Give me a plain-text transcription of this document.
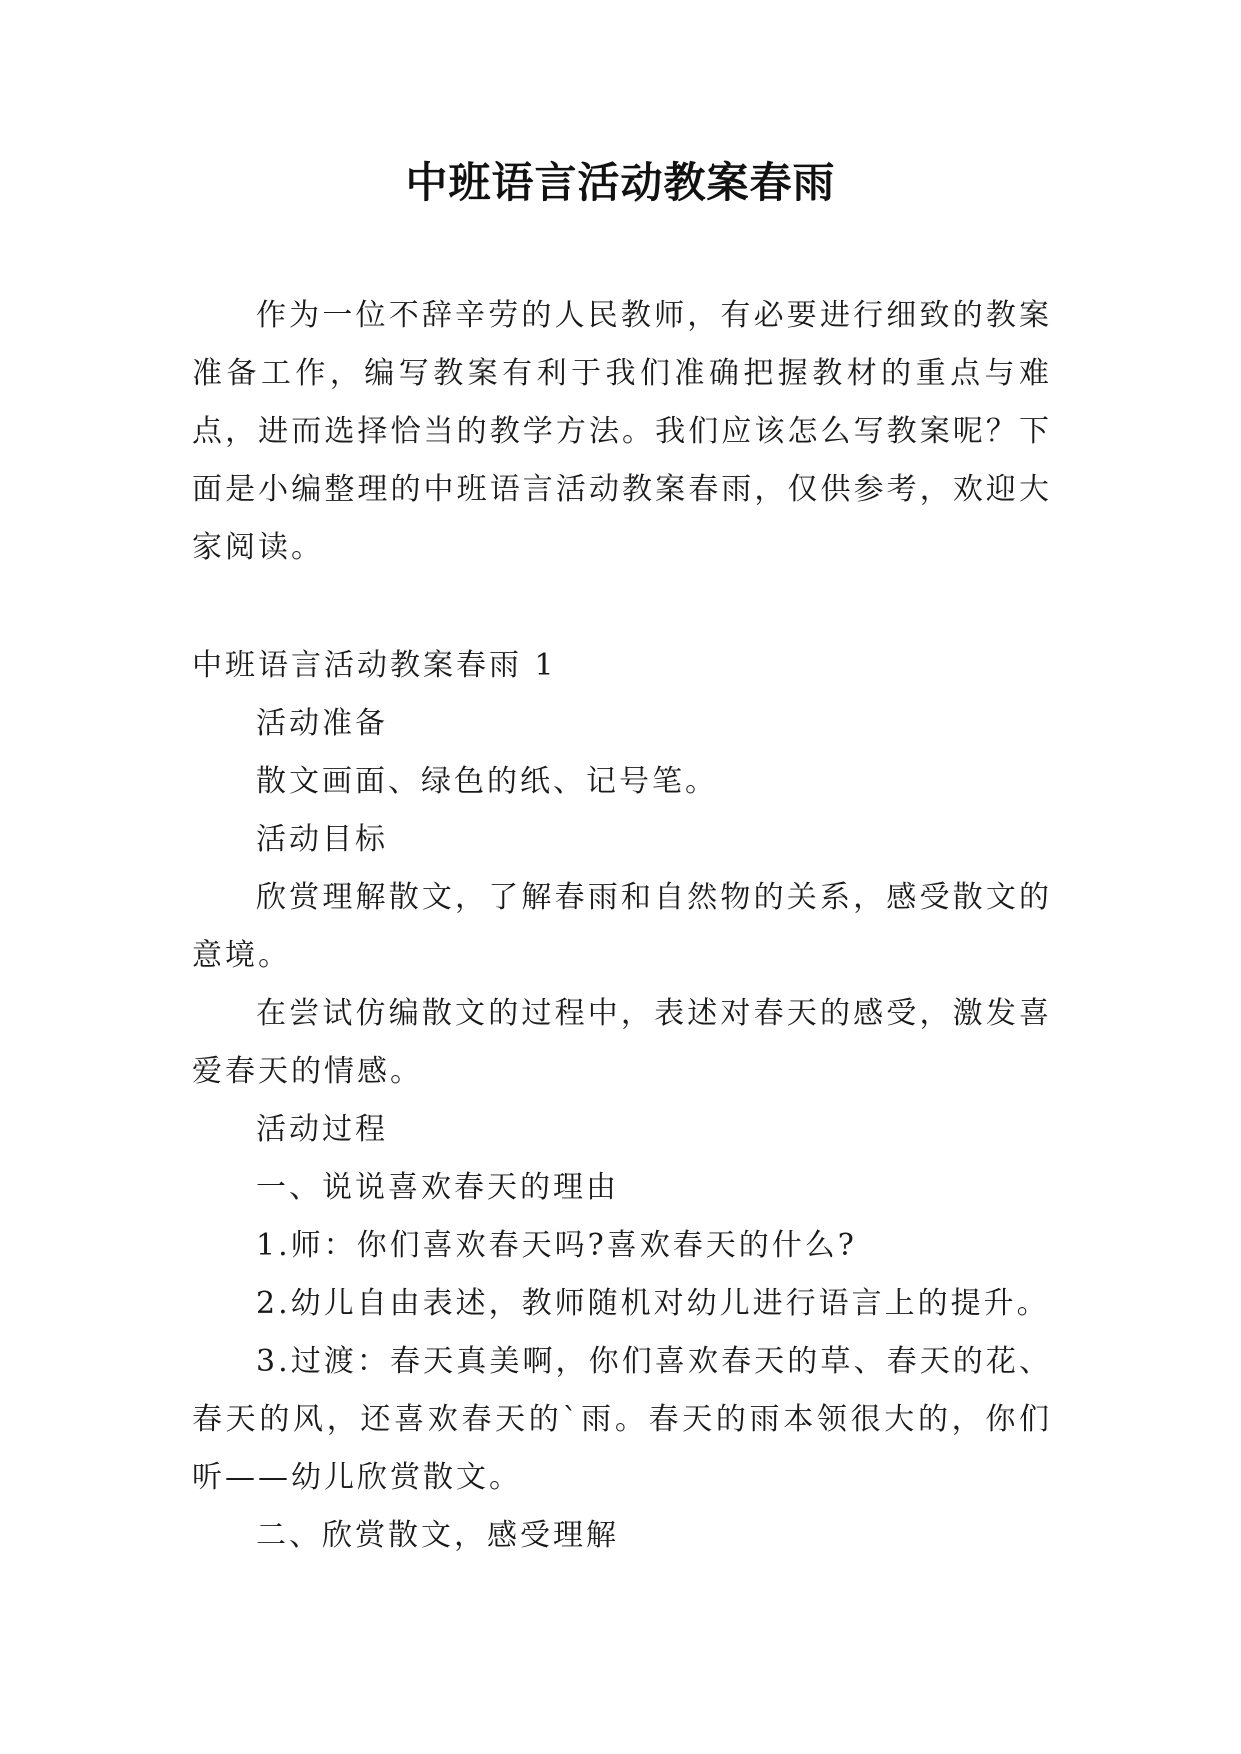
中班语言活动教案春雨

作为一位不辞辛劳的人民教师，有必要进行细致的教案准备工作，编写教案有利于我们准确把握教材的重点与难点，进而选择恰当的教学方法。我们应该怎么写教案呢？下面是小编整理的中班语言活动教案春雨，仅供参考，欢迎大家阅读。

中班语言活动教案春雨 1

活动准备

散文画面、绿色的纸、记号笔。

活动目标

欣赏理解散文，了解春雨和自然物的关系，感受散文的意境。

在尝试仿编散文的过程中，表述对春天的感受，激发喜爱春天的情感。

活动过程

一、说说喜欢春天的理由

1.师：你们喜欢春天吗?喜欢春天的什么?

2.幼儿自由表述，教师随机对幼儿进行语言上的提升。

3.过渡：春天真美啊，你们喜欢春天的草、春天的花、春天的风，还喜欢春天的`雨。春天的雨本领很大的，你们听——幼儿欣赏散文。

二、欣赏散文，感受理解
